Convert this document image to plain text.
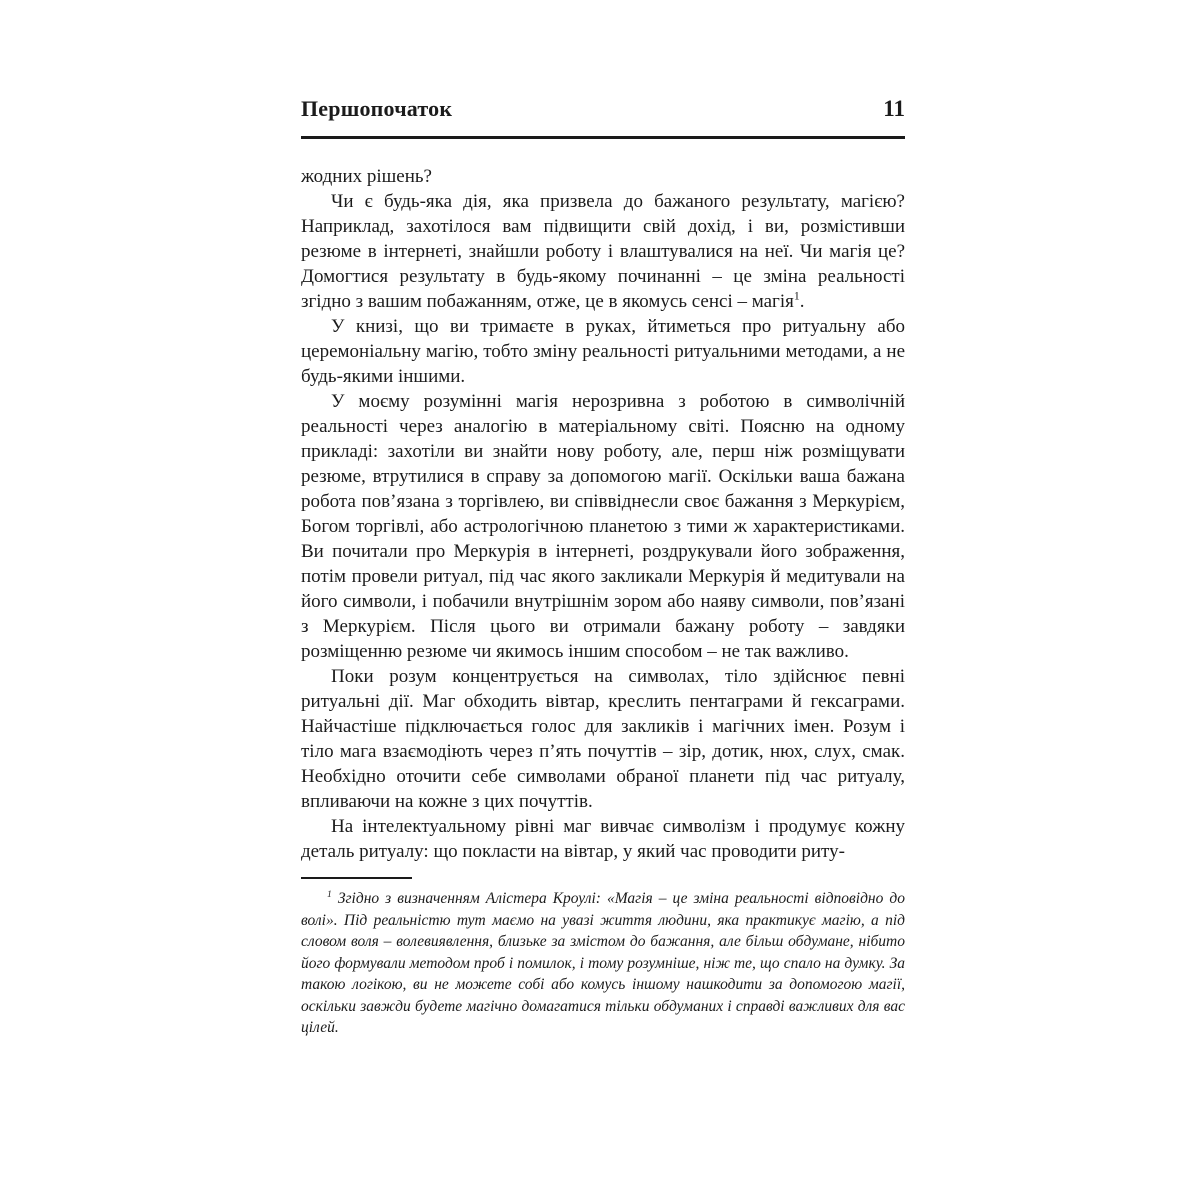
Першопочаток	11

жодних рішень?

Чи є будь-яка дія, яка призвела до бажаного результату, магією? Наприклад, захотілося вам підвищити свій дохід, і ви, розмістивши резюме в інтернеті, знайшли роботу і влаштувалися на неї. Чи магія це? Домогтися результату в будь-якому починанні – це зміна реальності згідно з вашим побажанням, отже, це в якомусь сенсі – магія$^1$.

У книзі, що ви тримаєте в руках, йтиметься про ритуальну або церемоніальну магію, тобто зміну реальності ритуальними методами, а не будь-якими іншими.

У моєму розумінні магія нерозривна з роботою в символічній реальності через аналогію в матеріальному світі. Поясню на одному прикладі: захотіли ви знайти нову роботу, але, перш ніж розміщувати резюме, втрутилися в справу за допомогою магії. Оскільки ваша бажана робота пов’язана з торгівлею, ви співвіднесли своє бажання з Меркурієм, Богом торгівлі, або астрологічною планетою з тими ж характеристиками. Ви почитали про Меркурія в інтернеті, роздрукували його зображення, потім провели ритуал, під час якого закликали Меркурія й медитували на його символи, і побачили внутрішнім зором або наяву символи, пов’язані з Меркурієм. Після цього ви отримали бажану роботу – завдяки розміщенню резюме чи якимось іншим способом – не так важливо.

Поки розум концентрується на символах, тіло здійснює певні ритуальні дії. Маг обходить вівтар, креслить пентаграми й гексаграми. Найчастіше підключається голос для закликів і магічних імен. Розум і тіло мага взаємодіють через п’ять почуттів – зір, дотик, нюх, слух, смак. Необхідно оточити себе символами обраної планети під час ритуалу, впливаючи на кожне з цих почуттів.

На інтелектуальному рівні маг вивчає символізм і продумує кожну деталь ритуалу: що покласти на вівтар, у який час проводити риту-

$^1$ Згідно з визначенням Алістера Кроулі: «Магія – це зміна реальності відповідно до волі». Під реальністю тут маємо на увазі життя людини, яка практикує магію, а під словом воля – волевиявлення, близьке за змістом до бажання, але більш обдумане, нібито його формували методом проб і помилок, і тому розумніше, ніж те, що спало на думку. За такою логікою, ви не можете собі або комусь іншому нашкодити за допомогою магії, оскільки завжди будете магічно домагатися тільки обдуманих і справді важливих для вас цілей.
